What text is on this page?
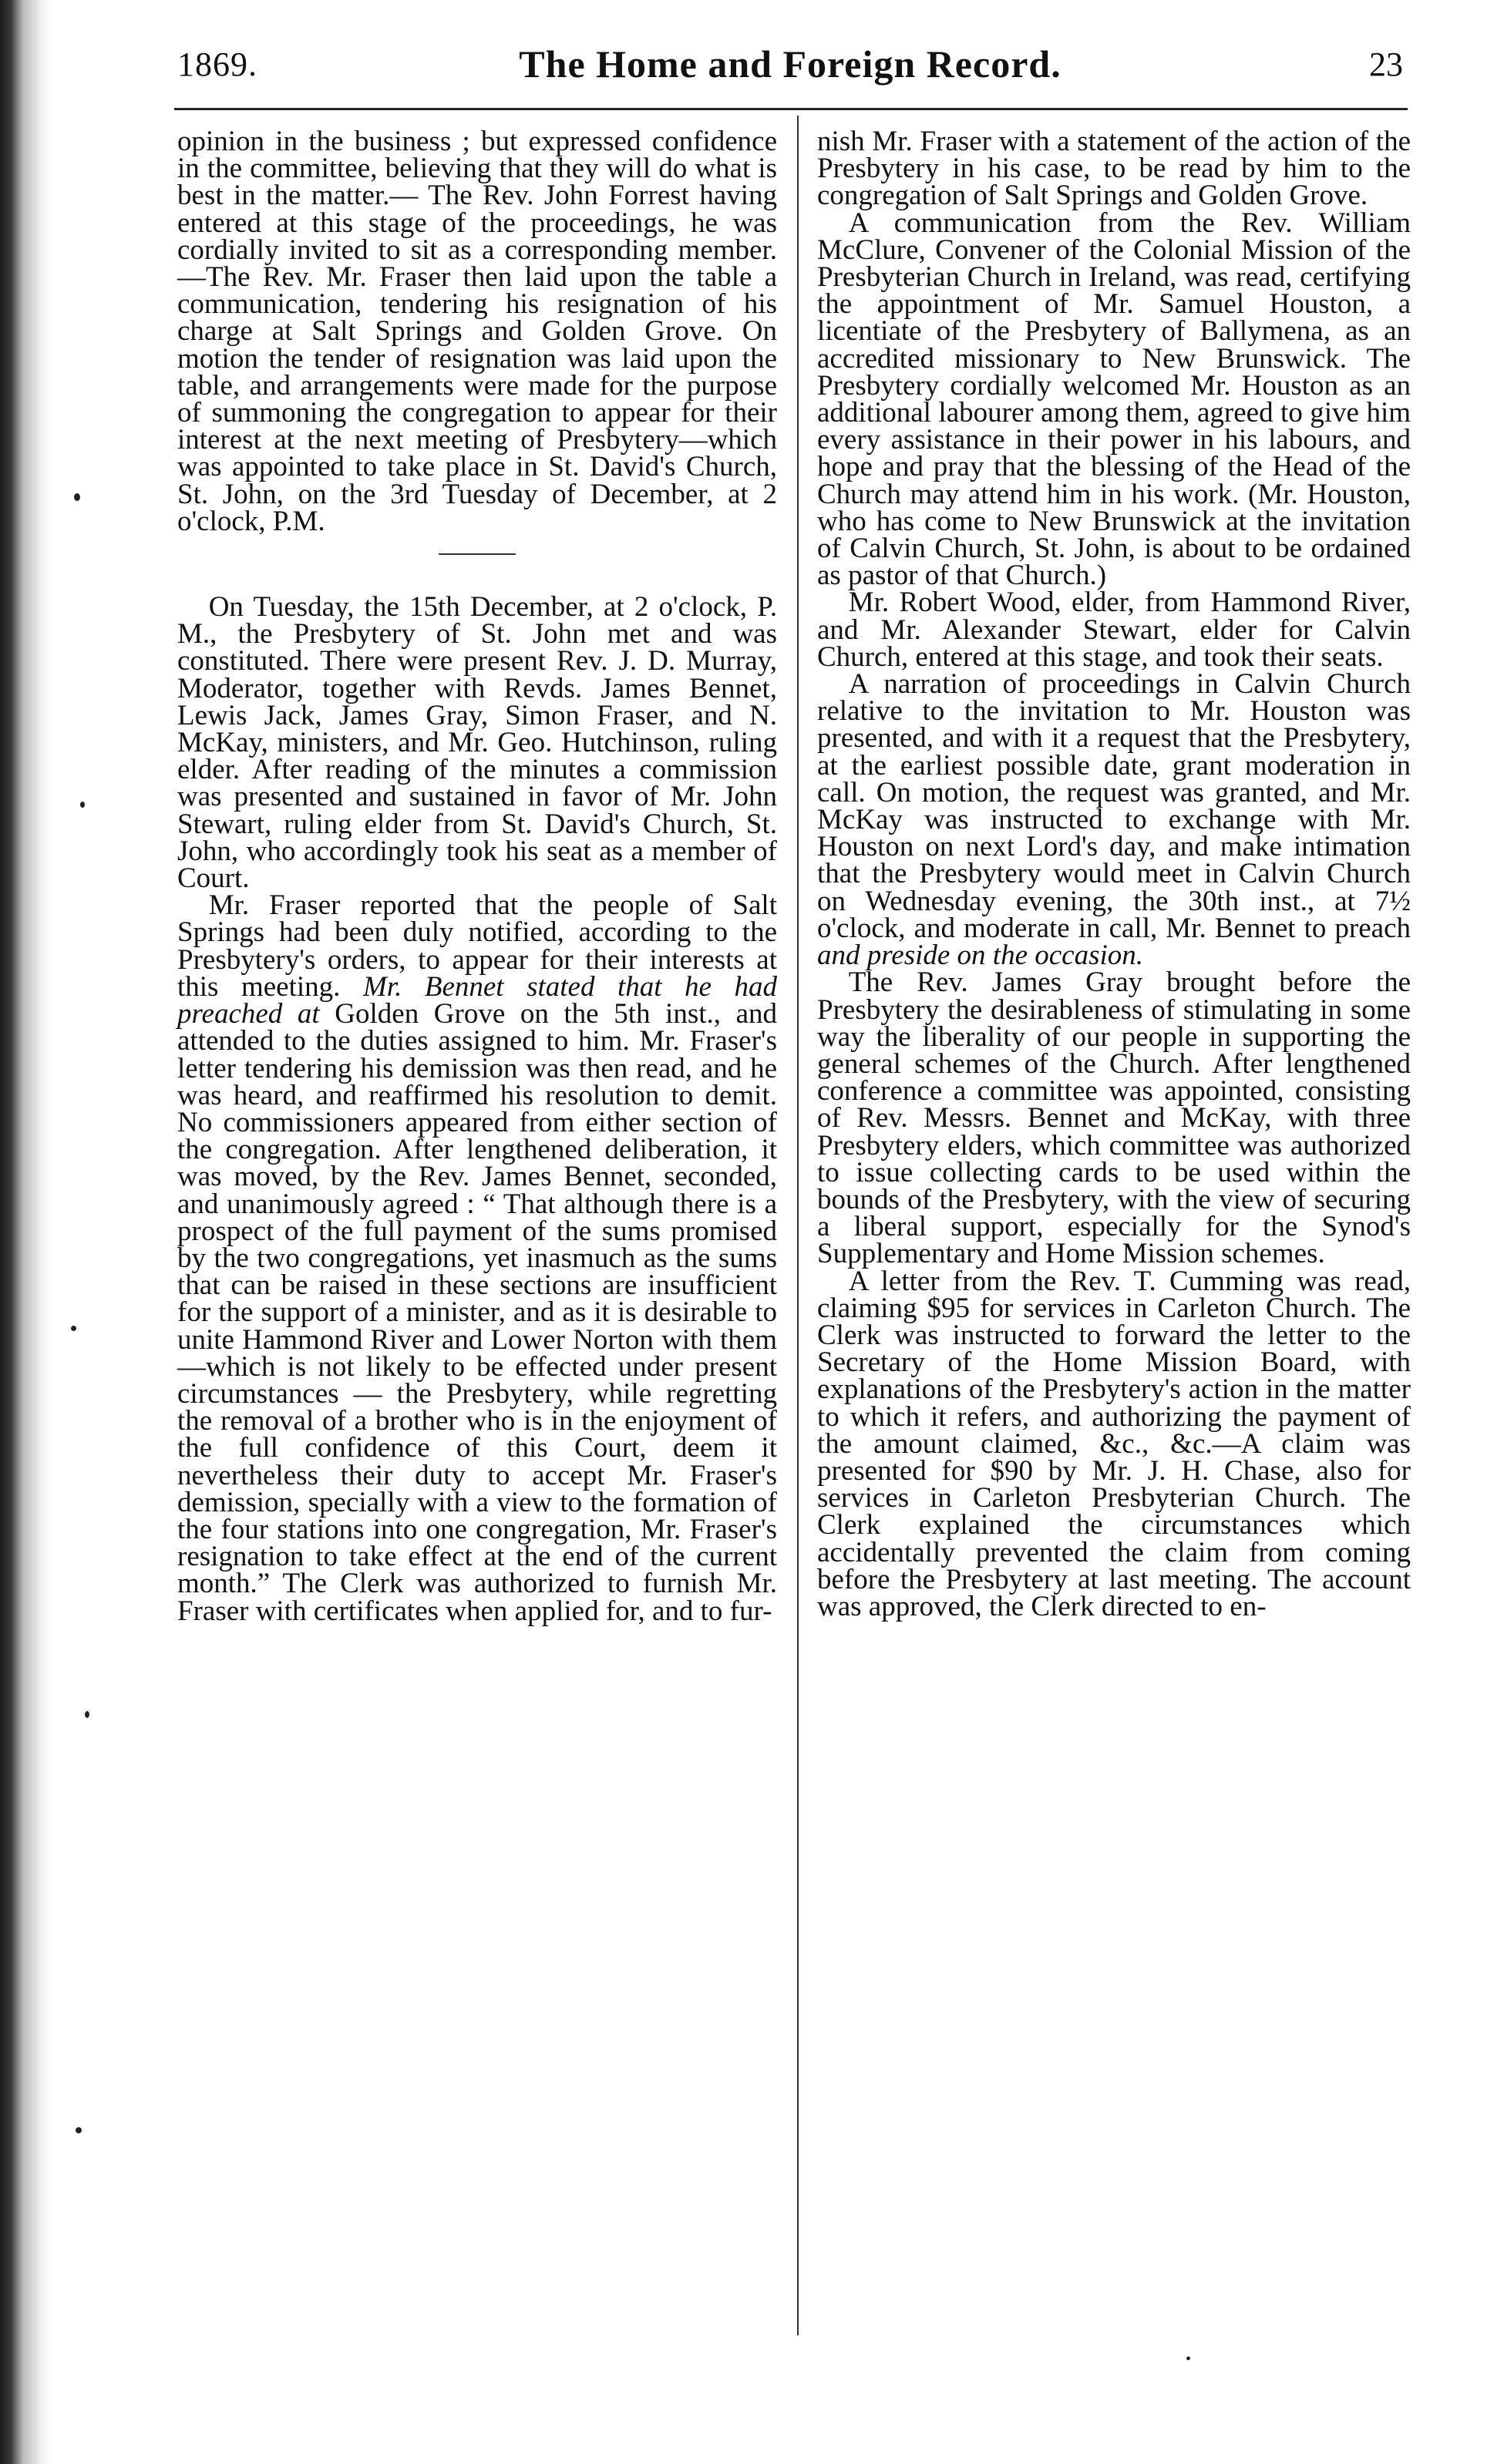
1869.	The Home and Foreign Record.	23

opinion in the business ; but expressed confidence in the committee, believing that they will do what is best in the matter.— The Rev. John Forrest having entered at this stage of the proceedings, he was cordially invited to sit as a corresponding member.—The Rev. Mr. Fraser then laid upon the table a communication, tendering his resignation of his charge at Salt Springs and Golden Grove. On motion the tender of resignation was laid upon the table, and arrangements were made for the purpose of summoning the congregation to appear for their interest at the next meeting of Presbytery—which was appointed to take place in St. David's Church, St. John, on the 3rd Tuesday of December, at 2 o'clock, P.M.

On Tuesday, the 15th December, at 2 o'clock, P. M., the Presbytery of St. John met and was constituted. There were present Rev. J. D. Murray, Moderator, together with Revds. James Bennet, Lewis Jack, James Gray, Simon Fraser, and N. McKay, ministers, and Mr. Geo. Hutchinson, ruling elder. After reading of the minutes a commission was presented and sustained in favor of Mr. John Stewart, ruling elder from St. David's Church, St. John, who accordingly took his seat as a member of Court.

Mr. Fraser reported that the people of Salt Springs had been duly notified, according to the Presbytery's orders, to appear for their interests at this meeting. Mr. Bennet stated that he had preached at Golden Grove on the 5th inst., and attended to the duties assigned to him. Mr. Fraser's letter tendering his demission was then read, and he was heard, and reaffirmed his resolution to demit. No commissioners appeared from either section of the congregation. After lengthened deliberation, it was moved, by the Rev. James Bennet, seconded, and unanimously agreed : “ That although there is a prospect of the full payment of the sums promised by the two congregations, yet inasmuch as the sums that can be raised in these sections are insufficient for the support of a minister, and as it is desirable to unite Hammond River and Lower Norton with them —which is not likely to be effected under present circumstances — the Presbytery, while regretting the removal of a brother who is in the enjoyment of the full confidence of this Court, deem it nevertheless their duty to accept Mr. Fraser's demission, specially with a view to the formation of the four stations into one congregation, Mr. Fraser's resignation to take effect at the end of the current month.” The Clerk was authorized to furnish Mr. Fraser with certificates when applied for, and to fur-

nish Mr. Fraser with a statement of the action of the Presbytery in his case, to be read by him to the congregation of Salt Springs and Golden Grove.

A communication from the Rev. William McClure, Convener of the Colonial Mission of the Presbyterian Church in Ireland, was read, certifying the appointment of Mr. Samuel Houston, a licentiate of the Presbytery of Ballymena, as an accredited missionary to New Brunswick. The Presbytery cordially welcomed Mr. Houston as an additional labourer among them, agreed to give him every assistance in their power in his labours, and hope and pray that the blessing of the Head of the Church may attend him in his work. (Mr. Houston, who has come to New Brunswick at the invitation of Calvin Church, St. John, is about to be ordained as pastor of that Church.)

Mr. Robert Wood, elder, from Hammond River, and Mr. Alexander Stewart, elder for Calvin Church, entered at this stage, and took their seats.

A narration of proceedings in Calvin Church relative to the invitation to Mr. Houston was presented, and with it a request that the Presbytery, at the earliest possible date, grant moderation in call. On motion, the request was granted, and Mr. McKay was instructed to exchange with Mr. Houston on next Lord's day, and make intimation that the Presbytery would meet in Calvin Church on Wednesday evening, the 30th inst., at 7½ o'clock, and moderate in call, Mr. Bennet to preach and preside on the occasion.

The Rev. James Gray brought before the Presbytery the desirableness of stimulating in some way the liberality of our people in supporting the general schemes of the Church. After lengthened conference a committee was appointed, consisting of Rev. Messrs. Bennet and McKay, with three Presbytery elders, which committee was authorized to issue collecting cards to be used within the bounds of the Presbytery, with the view of securing a liberal support, especially for the Synod's Supplementary and Home Mission schemes.

A letter from the Rev. T. Cumming was read, claiming $95 for services in Carleton Church. The Clerk was instructed to forward the letter to the Secretary of the Home Mission Board, with explanations of the Presbytery's action in the matter to which it refers, and authorizing the payment of the amount claimed, &c., &c.—A claim was presented for $90 by Mr. J. H. Chase, also for services in Carleton Presbyterian Church. The Clerk explained the circumstances which accidentally prevented the claim from coming before the Presbytery at last meeting. The account was approved, the Clerk directed to en-

•
